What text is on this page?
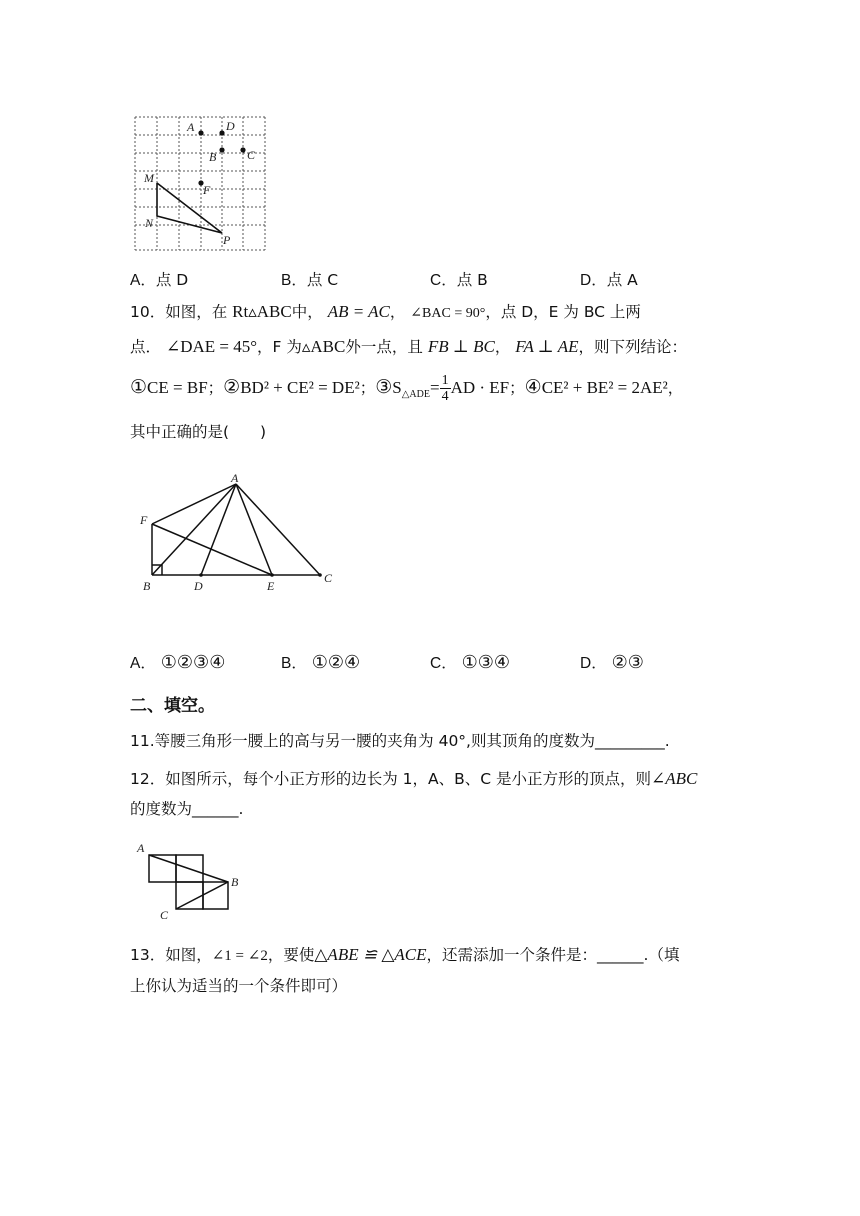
A	D
B	C
F
M
N
P
A．点 D	B．点 C	C．点 B	D．点 A
10．如图，在 Rt▵ABC中， AB = AC， ∠BAC = 90°，点 D，E 为 BC 上两
点． ∠DAE = 45°，F 为▵ABC外一点，且 FB ⊥ BC， FA ⊥ AE，则下列结论：
①CE = BF；②BD² + CE² = DE²；$③S_{\triangle ADE}= \frac{1}{4}$ AD · EF；④CE² + BE² = 2AE²，
其中正确的是(　　)
A
F
B	D	E
C
A． ①②③④	B． ①②④	C． ①③④	D． ②③
二、填空。
11.等腰三角形一腰上的高与另一腰的夹角为 40°,则其顶角的度数为_________.
12．如图所示，每个小正方形的边长为 1，A、B、C 是小正方形的顶点，则∠ABC
的度数为______.
A
B
C
13．如图，∠1 = ∠2，要使△ABE ≌ △ACE，还需添加一个条件是：______.（填
上你认为适当的一个条件即可）
